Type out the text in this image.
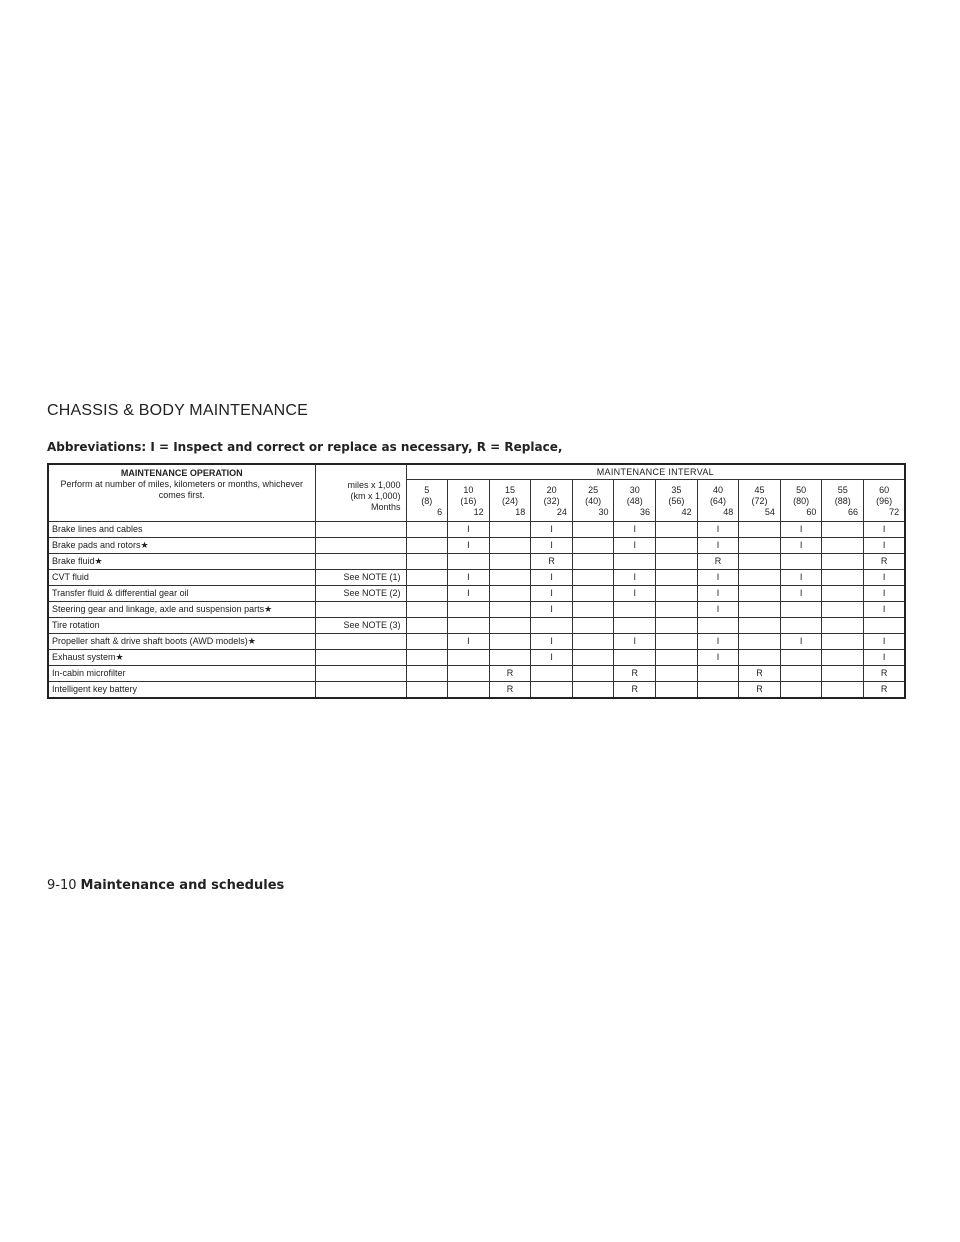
CHASSIS & BODY MAINTENANCE

Abbreviations: I = Inspect and correct or replace as necessary, R = Replace,

MAINTENANCE OPERATION
Perform at number of miles, kilometers or months, whichever comes first.	miles x 1,000
(km x 1,000)
Months	MAINTENANCE INTERVAL											

		5
(8)
6	10
(16)
12	15
(24)
18	20
(32)
24	25
(40)
30	30
(48)
36	35
(56)
42	40
(64)
48	45
(72)
54	50
(80)
60	55
(88)
66	60
(96)
72

Brake lines and cables			I		I		I		I		I		I
Brake pads and rotors★			I		I		I		I		I		I
Brake fluid★					R				R				R
CVT fluid	See NOTE (1)		I		I		I		I		I		I
Transfer fluid & differential gear oil	See NOTE (2)		I		I		I		I		I		I
Steering gear and linkage, axle and suspension parts★					I				I				I
Tire rotation	See NOTE (3)												
Propeller shaft & drive shaft boots (AWD models)★			I		I		I		I		I		I
Exhaust system★					I				I				I
In-cabin microfilter				R			R			R			R
Intelligent key battery				R			R			R			R

9-10 Maintenance and schedules
